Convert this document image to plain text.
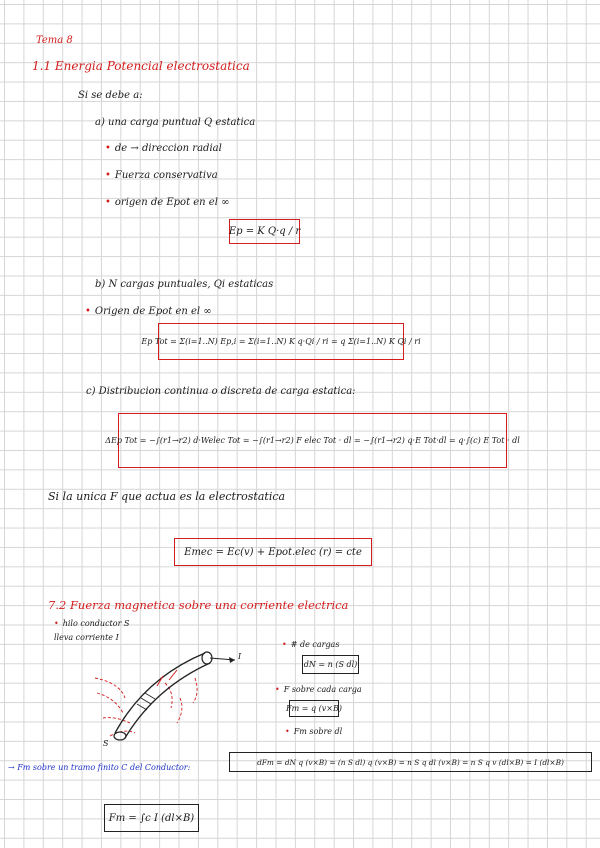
Tema 8
1.1 Energia Potencial electrostatica
Si se debe a:
a) una carga puntual Q estatica
• de → direccion radial
• Fuerza conservativa
• origen de Epot en el ∞
Ep = K Q·q / r
b) N cargas puntuales, Qi estaticas
• Origen de Epot en el ∞
Ep Tot = Σ(i=1..N) Ep,i = Σ(i=1..N) K q·Qi / ri = q Σ(i=1..N) K Qi / ri
c) Distribucion continua o discreta de carga estatica:
ΔEp Tot = −∫(r1→r2) d·Welec Tot = −∫(r1→r2) F elec Tot · dl = −∫(r1→r2) q·E Tot·dl = q·∫(c) E Tot · dl
Si la unica F que actua es la electrostatica
Emec = Ec(v) + Epot.elec (r) = cte
7.2 Fuerza magnetica sobre una corriente electrica
• hilo conductor S
lleva corriente I
I
S
• # de cargas
dN = n (S dl)
• F sobre cada carga
Fm = q (v×B)
• Fm sobre dl
dFm = dN q (v×B) = (n S dl) q (v×B) = n S q dl (v×B) = n S q v (dl×B) = I (dl×B)
→ Fm sobre un tramo finito C del Conductor:
Fm = ∫c I (dl×B)
